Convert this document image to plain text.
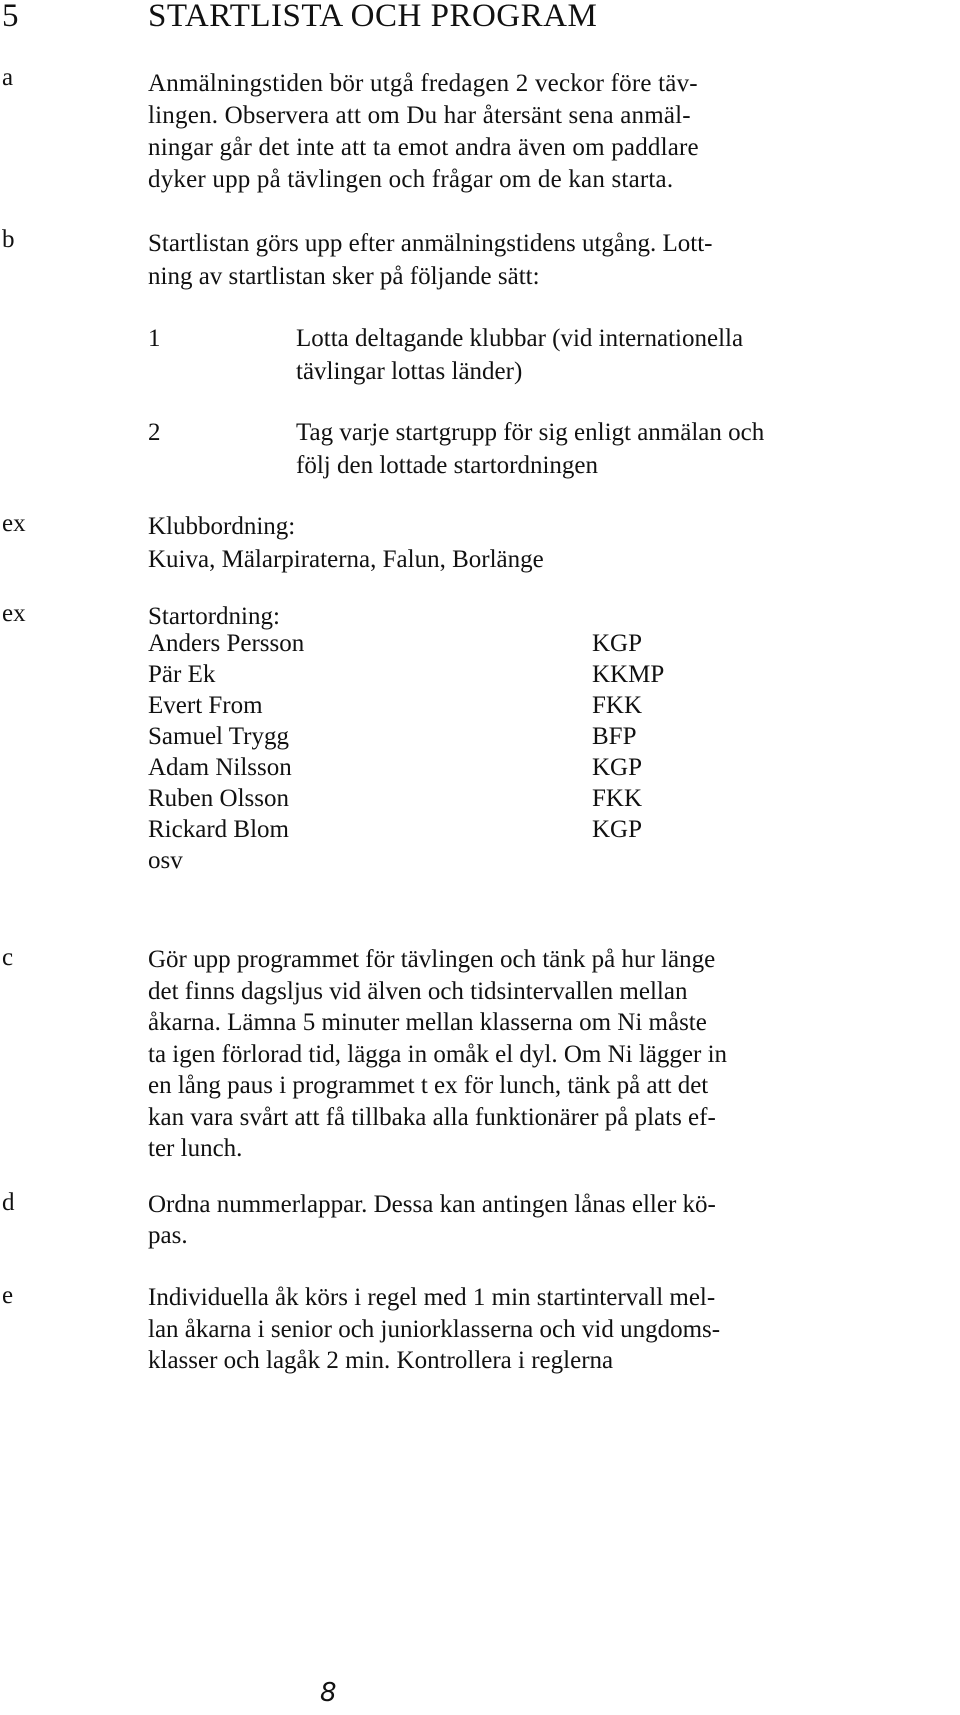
5	STARTLISTA OCH PROGRAM
a	Anmälningstiden bör utgå fredagen 2 veckor före täv-
lingen. Observera att om Du har återsänt sena anmäl-
ningar går det inte att ta emot andra även om paddlare
dyker upp på tävlingen och frågar om de kan starta.
b	Startlistan görs upp efter anmälningstidens utgång. Lott-
ning av startlistan sker på följande sätt:
1	Lotta deltagande klubbar (vid internationella
tävlingar lottas länder)
2	Tag varje startgrupp för sig enligt anmälan och
följ den lottade startordningen
ex	Klubbordning:
Kuiva, Mälarpiraterna, Falun, Borlänge
ex	Startordning:
Anders Persson	KGP
Pär Ek	KKMP
Evert From	FKK
Samuel Trygg	BFP
Adam Nilsson	KGP
Ruben Olsson	FKK
Rickard Blom	KGP
osv
c	Gör upp programmet för tävlingen och tänk på hur länge
det finns dagsljus vid älven och tidsintervallen mellan
åkarna. Lämna 5 minuter mellan klasserna om Ni måste
ta igen förlorad tid, lägga in omåk el dyl. Om Ni lägger in
en lång paus i programmet t ex för lunch, tänk på att det
kan vara svårt att få tillbaka alla funktionärer på plats ef-
ter lunch.
d	Ordna nummerlappar. Dessa kan antingen lånas eller kö-
pas.
e	Individuella åk körs i regel med 1 min startintervall mel-
lan åkarna i senior och juniorklasserna och vid ungdoms-
klasser och lagåk 2 min. Kontrollera i reglerna
8
